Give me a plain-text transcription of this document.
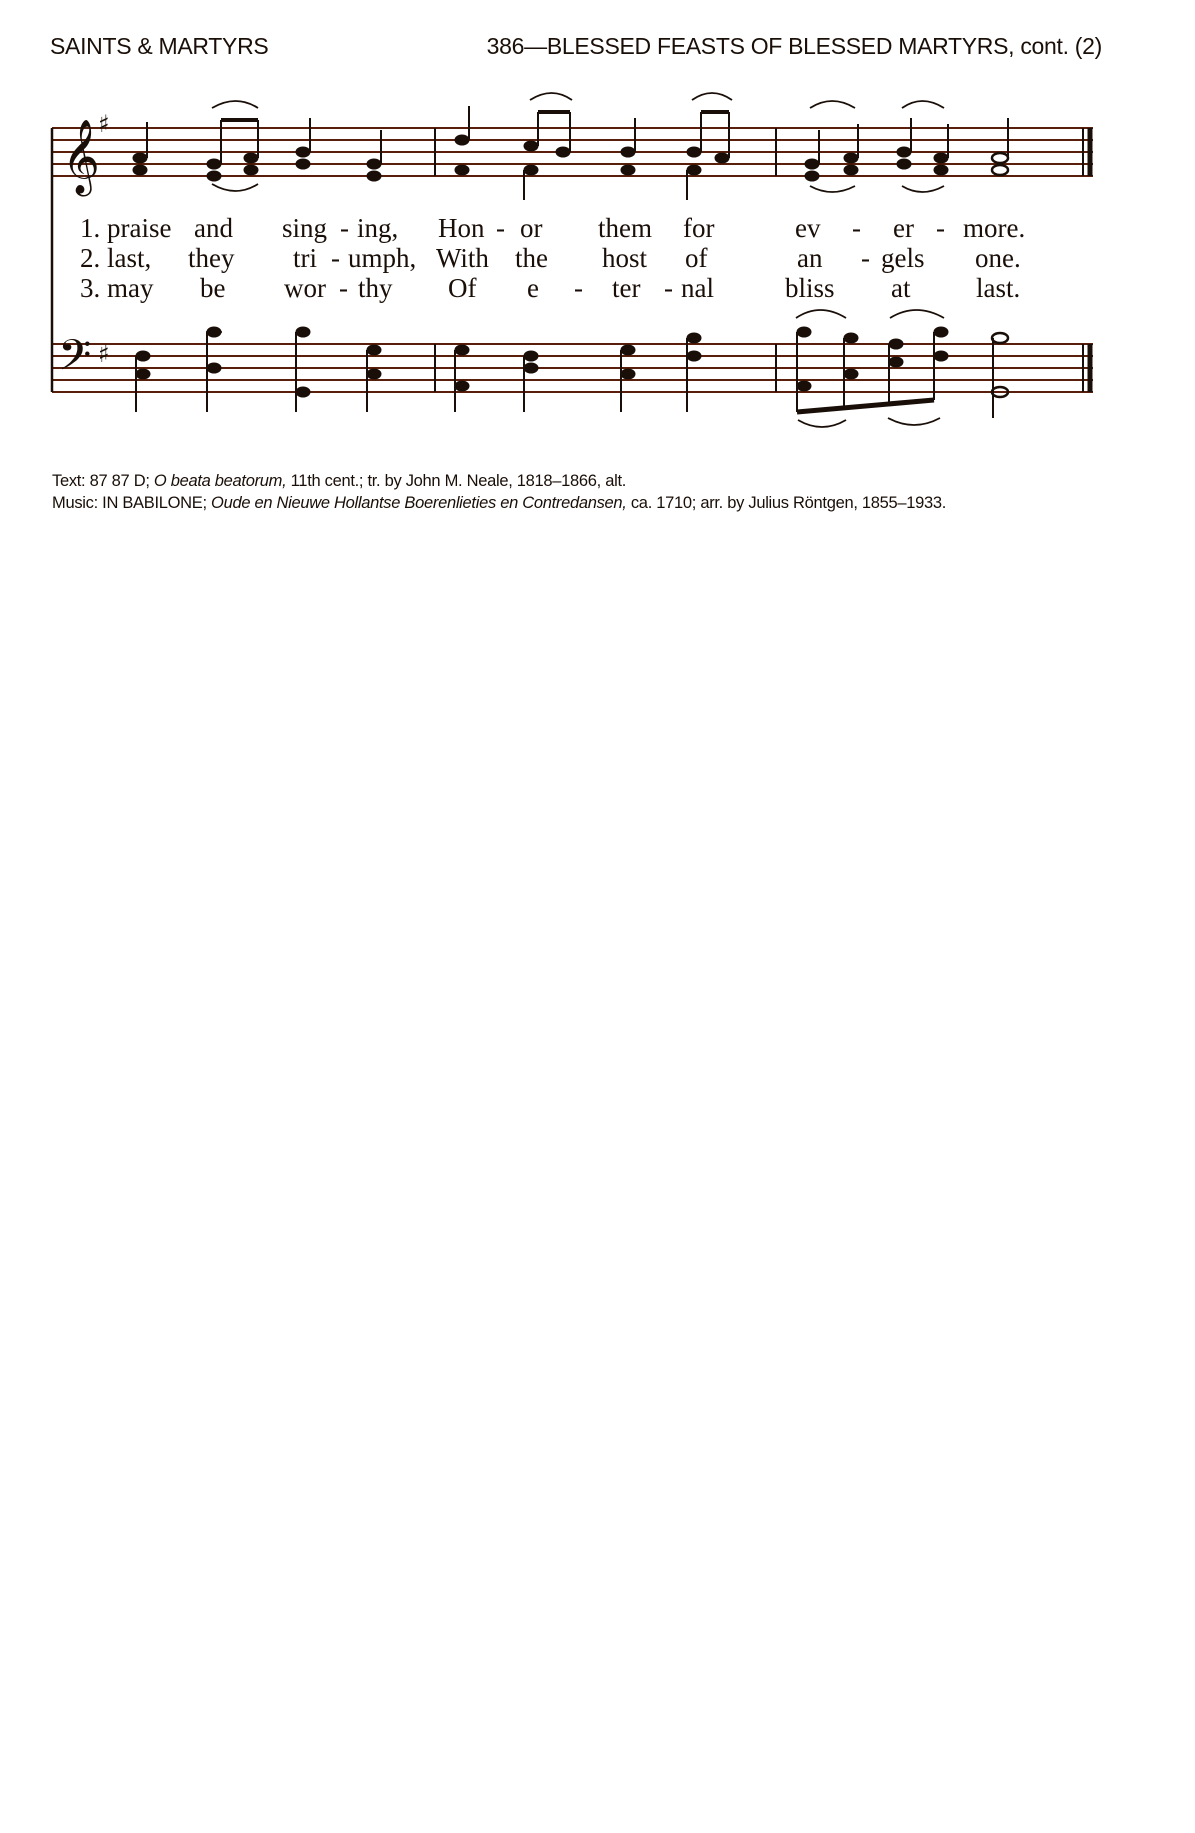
SAINTS & MARTYRS	386—BLESSED FEASTS OF BLESSED MARTYRS, cont. (2)
𝄞
𝄢
♯
♯
1. praise and sing - ing, Hon - or them for	ev - er - more.
2. last, they tri - umph, With the host of	an - gels one.
3. may be wor - thy Of e - ter - nal	bliss at last.
Text: 87 87 D; O beata beatorum, 11th cent.; tr. by John M. Neale, 1818–1866, alt.
Music: IN BABILONE; Oude en Nieuwe Hollantse Boerenlieties en Contredansen, ca. 1710; arr. by Julius Röntgen, 1855–1933.
